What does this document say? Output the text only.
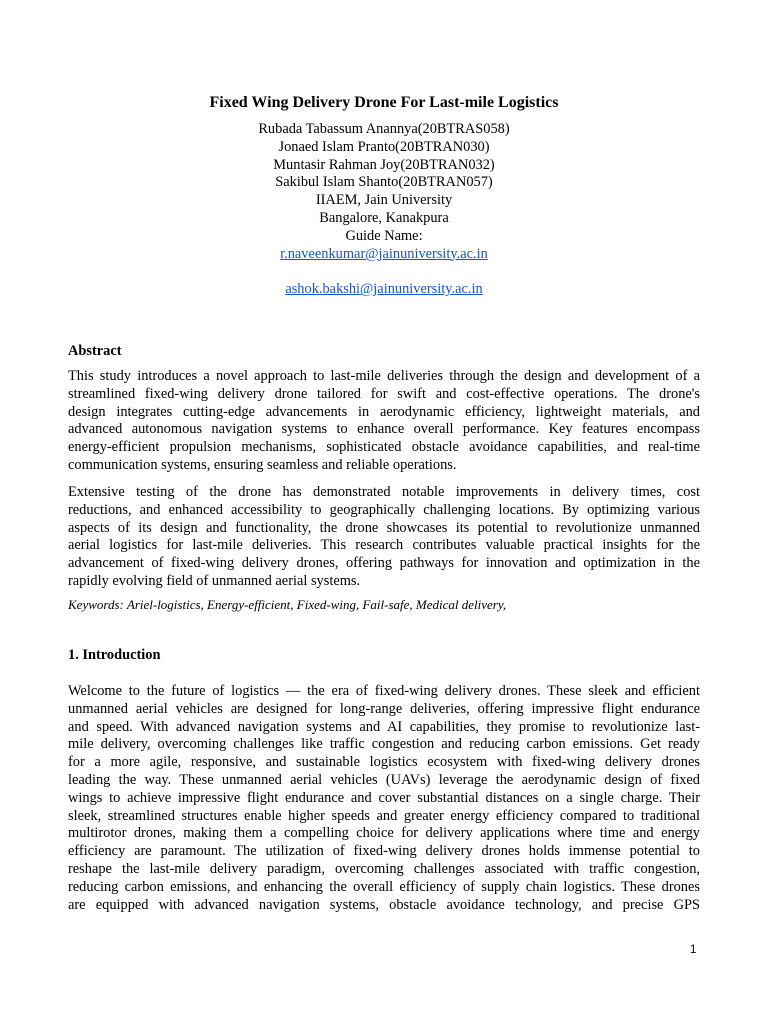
Fixed Wing Delivery Drone For Last-mile Logistics
Rubada Tabassum Anannya(20BTRAS058)
Jonaed Islam Pranto(20BTRAN030)
Muntasir Rahman Joy(20BTRAN032)
Sakibul Islam Shanto(20BTRAN057)
IIAEM, Jain University
Bangalore, Kanakpura
Guide Name:
r.naveenkumar@jainuniversity.ac.in
ashok.bakshi@jainuniversity.ac.in
Abstract
This study introduces a novel approach to last-mile deliveries through the design and development of a
streamlined fixed-wing delivery drone tailored for swift and cost-effective operations. The drone's
design integrates cutting-edge advancements in aerodynamic efficiency, lightweight materials, and
advanced autonomous navigation systems to enhance overall performance. Key features encompass
energy-efficient propulsion mechanisms, sophisticated obstacle avoidance capabilities, and real-time
communication systems, ensuring seamless and reliable operations.
Extensive testing of the drone has demonstrated notable improvements in delivery times, cost
reductions, and enhanced accessibility to geographically challenging locations. By optimizing various
aspects of its design and functionality, the drone showcases its potential to revolutionize unmanned
aerial logistics for last-mile deliveries. This research contributes valuable practical insights for the
advancement of fixed-wing delivery drones, offering pathways for innovation and optimization in the
rapidly evolving field of unmanned aerial systems.
Keywords: Ariel-logistics, Energy-efficient, Fixed-wing, Fail-safe, Medical delivery,
1. Introduction
Welcome to the future of logistics — the era of fixed-wing delivery drones. These sleek and efficient
unmanned aerial vehicles are designed for long-range deliveries, offering impressive flight endurance
and speed. With advanced navigation systems and AI capabilities, they promise to revolutionize last-
mile delivery, overcoming challenges like traffic congestion and reducing carbon emissions. Get ready
for a more agile, responsive, and sustainable logistics ecosystem with fixed-wing delivery drones
leading the way. These unmanned aerial vehicles (UAVs) leverage the aerodynamic design of fixed
wings to achieve impressive flight endurance and cover substantial distances on a single charge. Their
sleek, streamlined structures enable higher speeds and greater energy efficiency compared to traditional
multirotor drones, making them a compelling choice for delivery applications where time and energy
efficiency are paramount. The utilization of fixed-wing delivery drones holds immense potential to
reshape the last-mile delivery paradigm, overcoming challenges associated with traffic congestion,
reducing carbon emissions, and enhancing the overall efficiency of supply chain logistics. These drones
are equipped with advanced navigation systems, obstacle avoidance technology, and precise GPS
1
